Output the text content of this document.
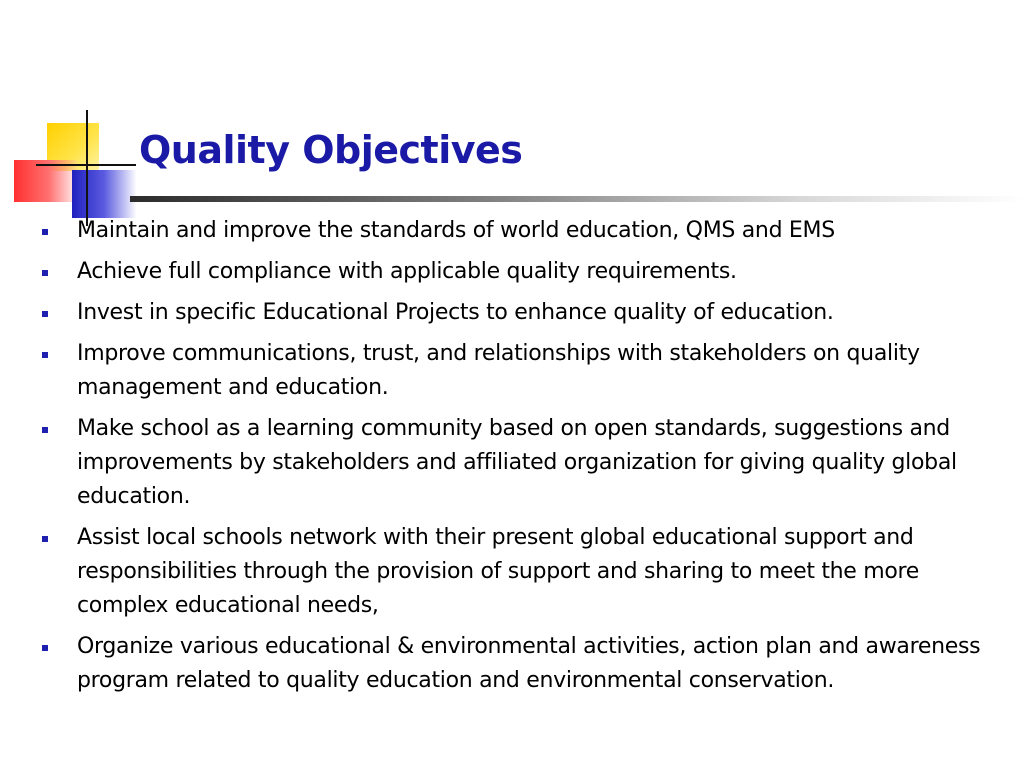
Quality Objectives
Maintain and improve the standards of world education, QMS and EMS
Achieve full compliance with applicable quality requirements.
Invest in specific Educational Projects to enhance quality of education.
Improve communications, trust, and relationships with stakeholders on quality management and education.
Make school as a learning community based on open standards, suggestions and improvements by stakeholders and affiliated organization for giving quality global education.
Assist local schools network with their present global educational support and responsibilities through the provision of support and sharing to meet the more complex educational needs,
Organize various educational & environmental activities, action plan and awareness program related to quality education and environmental conservation.
